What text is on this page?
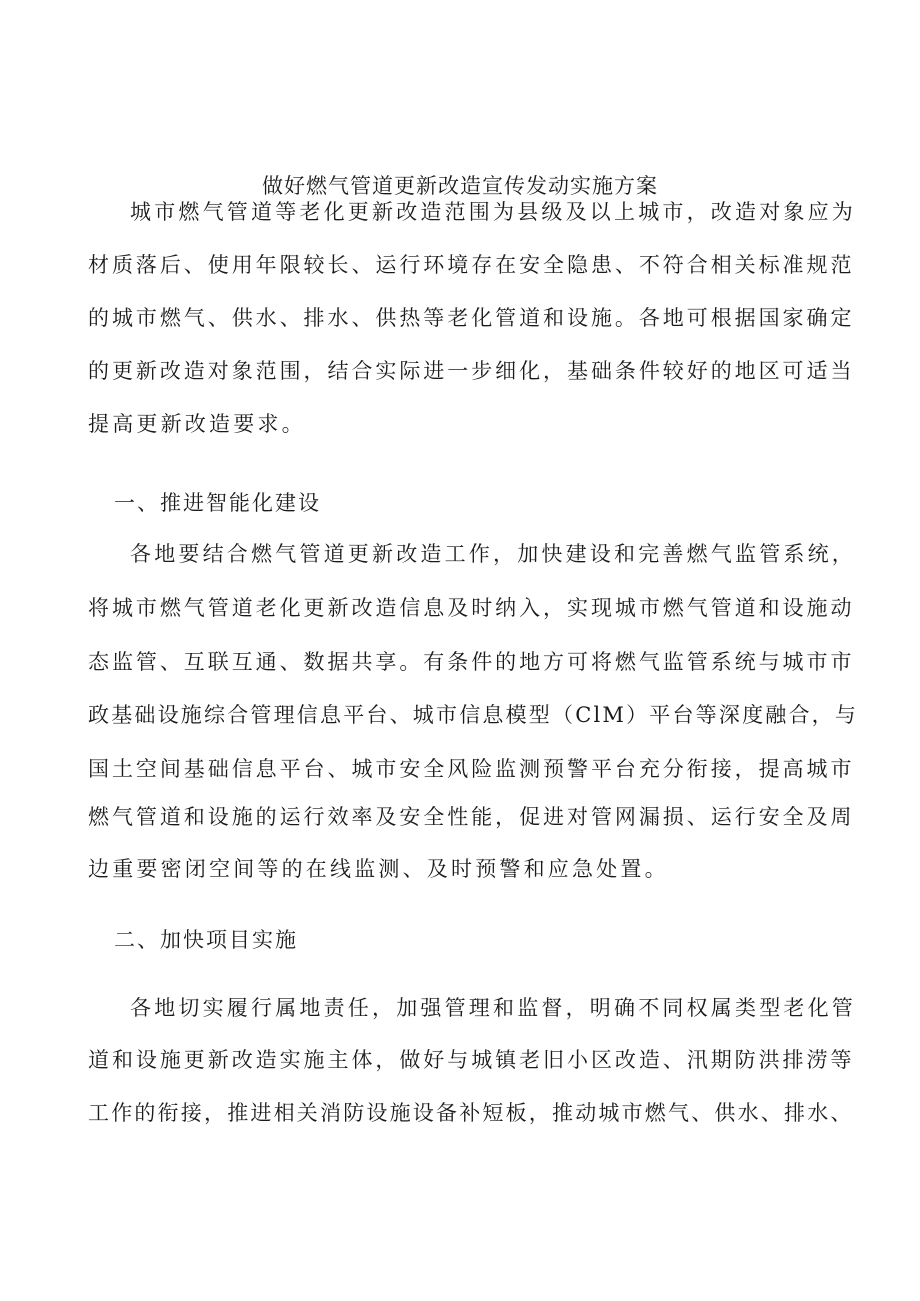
做好燃气管道更新改造宣传发动实施方案
城市燃气管道等老化更新改造范围为县级及以上城市，改造对象应为
材质落后、使用年限较长、运行环境存在安全隐患、不符合相关标准规范
的城市燃气、供水、排水、供热等老化管道和设施。各地可根据国家确定
的更新改造对象范围，结合实际进一步细化，基础条件较好的地区可适当
提高更新改造要求。
一、推进智能化建设
各地要结合燃气管道更新改造工作，加快建设和完善燃气监管系统，
将城市燃气管道老化更新改造信息及时纳入，实现城市燃气管道和设施动
态监管、互联互通、数据共享。有条件的地方可将燃气监管系统与城市市
政基础设施综合管理信息平台、城市信息模型（ClM）平台等深度融合，与
国土空间基础信息平台、城市安全风险监测预警平台充分衔接，提高城市
燃气管道和设施的运行效率及安全性能，促进对管网漏损、运行安全及周
边重要密闭空间等的在线监测、及时预警和应急处置。
二、加快项目实施
各地切实履行属地责任，加强管理和监督，明确不同权属类型老化管
道和设施更新改造实施主体，做好与城镇老旧小区改造、汛期防洪排涝等
工作的衔接，推进相关消防设施设备补短板，推动城市燃气、供水、排水、
